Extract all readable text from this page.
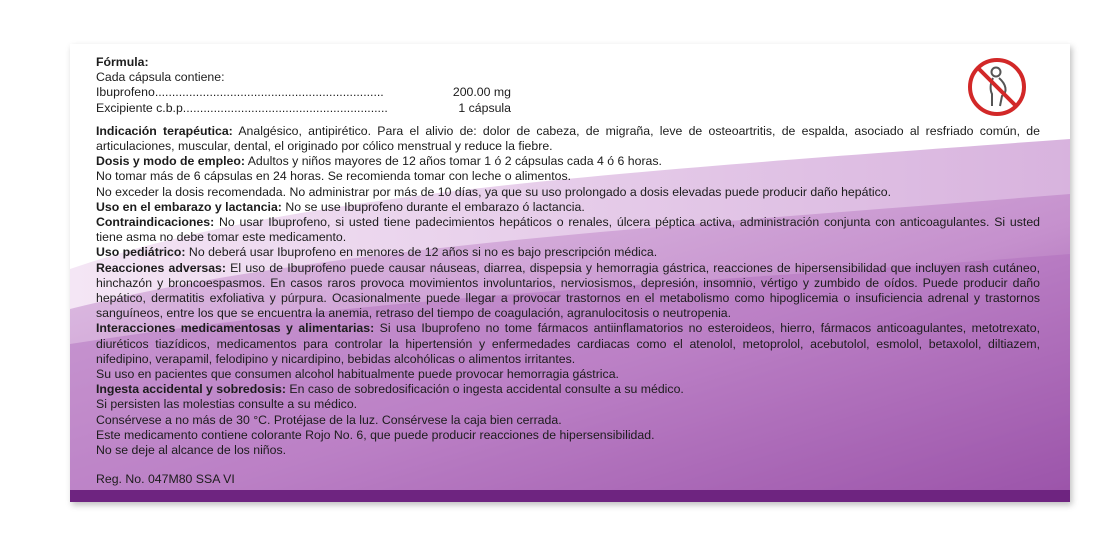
Fórmula:

Cada cápsula contiene:

Ibuprofeno...................................................................	200.00 mg
Excipiente c.b.p............................................................	1 cápsula

Indicación terapéutica: Analgésico, antipirético. Para el alivio de: dolor de cabeza, de migraña, leve de osteoartritis, de espalda, asociado al resfriado común, de articulaciones, muscular, dental, el originado por cólico menstrual y reduce la fiebre.

Dosis y modo de empleo: Adultos y niños mayores de 12 años tomar 1 ó 2 cápsulas cada 4 ó 6 horas.

No tomar más de 6 cápsulas en 24 horas. Se recomienda tomar con leche o alimentos.

No exceder la dosis recomendada. No administrar por más de 10 días, ya que su uso prolongado a dosis elevadas puede producir daño hepático.

Uso en el embarazo y lactancia: No se use Ibuprofeno durante el embarazo ó lactancia.

Contraindicaciones: No usar Ibuprofeno, si usted tiene padecimientos hepáticos o renales, úlcera péptica activa, administración conjunta con anticoagulantes. Si usted tiene asma no debe tomar este medicamento.

Uso pediátrico: No deberá usar Ibuprofeno en menores de 12 años si no es bajo prescripción médica.

Reacciones adversas: El uso de Ibuprofeno puede causar náuseas, diarrea, dispepsia y hemorragia gástrica, reacciones de hipersensibilidad que incluyen rash cutáneo, hinchazón y broncoespasmos. En casos raros provoca movimientos involuntarios, nerviosismos, depresión, insomnio, vértigo y zumbido de oídos. Puede producir daño hepático, dermatitis exfoliativa y púrpura. Ocasionalmente puede llegar a provocar trastornos en el metabolismo como hipoglicemia o insuficiencia adrenal y trastornos sanguíneos, entre los que se encuentra la anemia, retraso del tiempo de coagulación, agranulocitosis o neutropenia.

Interacciones medicamentosas y alimentarias: Si usa Ibuprofeno no tome fármacos antiinflamatorios no esteroideos, hierro, fármacos anticoagulantes, metotrexato, diuréticos tiazídicos, medicamentos para controlar la hipertensión y enfermedades cardiacas como el atenolol, metoprolol, acebutolol, esmolol, betaxolol, diltiazem, nifedipino, verapamil, felodipino y nicardipino, bebidas alcohólicas o alimentos irritantes.

Su uso en pacientes que consumen alcohol habitualmente puede provocar hemorragia gástrica.

Ingesta accidental y sobredosis: En caso de sobredosificación o ingesta accidental consulte a su médico.

Si persisten las molestias consulte a su médico.

Consérvese a no más de 30 °C. Protéjase de la luz. Consérvese la caja bien cerrada.

Este medicamento contiene colorante Rojo No. 6, que puede producir reacciones de hipersensibilidad.

No se deje al alcance de los niños.

Reg. No. 047M80 SSA VI
